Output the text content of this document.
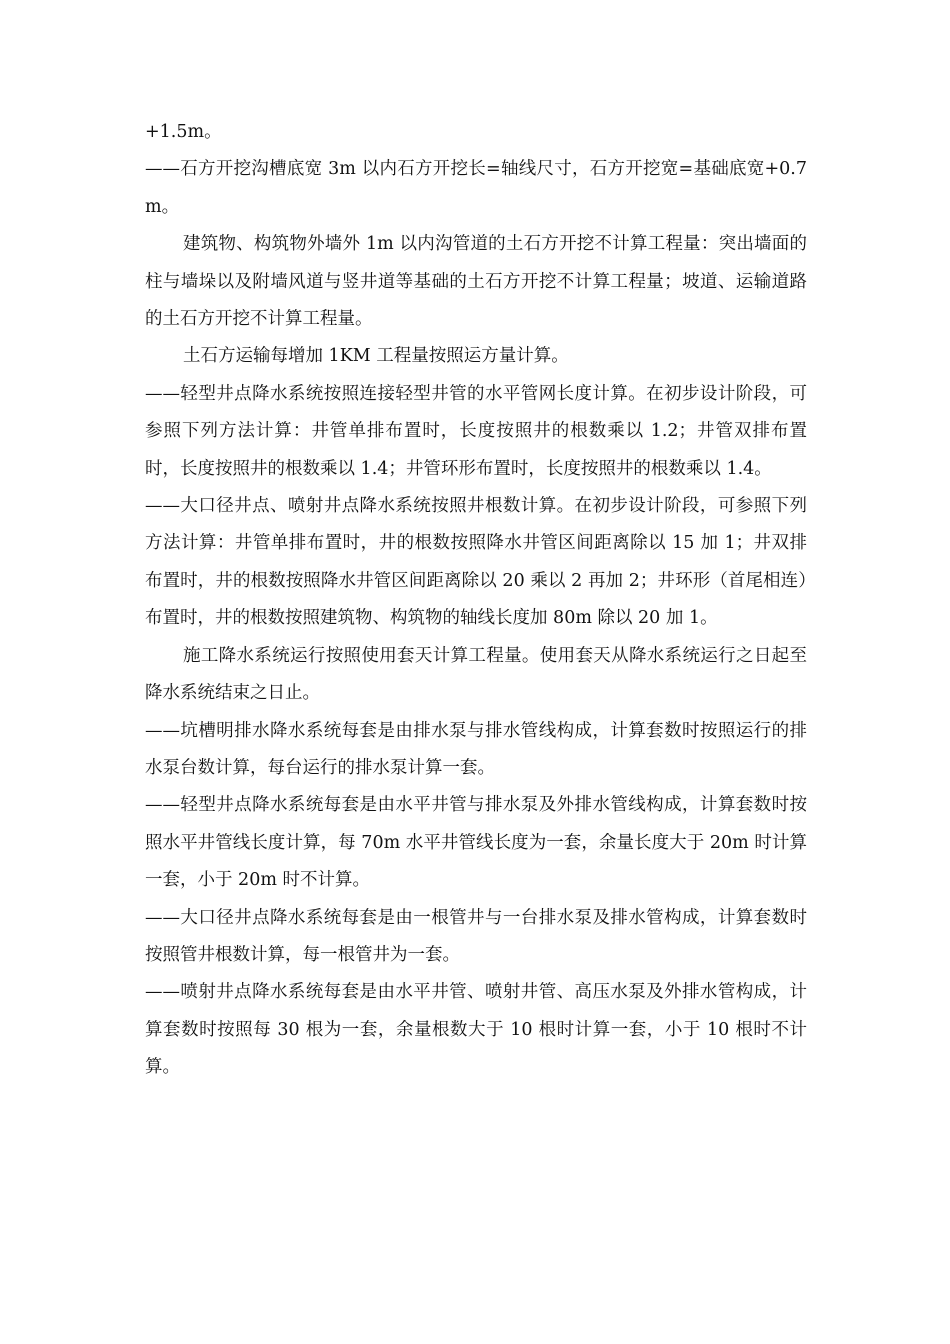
+1.5m。

——石方开挖沟槽底宽 3m 以内石方开挖长=轴线尺寸，石方开挖宽=基础底宽+0.7m。

建筑物、构筑物外墙外 1m 以内沟管道的土石方开挖不计算工程量：突出墙面的柱与墙垛以及附墙风道与竖井道等基础的土石方开挖不计算工程量；坡道、运输道路的土石方开挖不计算工程量。

土石方运输每增加 1KM 工程量按照运方量计算。

——轻型井点降水系统按照连接轻型井管的水平管网长度计算。在初步设计阶段，可参照下列方法计算：井管单排布置时，长度按照井的根数乘以 1.2；井管双排布置时，长度按照井的根数乘以 1.4；井管环形布置时，长度按照井的根数乘以 1.4。

——大口径井点、喷射井点降水系统按照井根数计算。在初步设计阶段，可参照下列方法计算：井管单排布置时，井的根数按照降水井管区间距离除以 15 加 1；井双排布置时，井的根数按照降水井管区间距离除以 20 乘以 2 再加 2；井环形（首尾相连）布置时，井的根数按照建筑物、构筑物的轴线长度加 80m 除以 20 加 1。

施工降水系统运行按照使用套天计算工程量。使用套天从降水系统运行之日起至降水系统结束之日止。

——坑槽明排水降水系统每套是由排水泵与排水管线构成，计算套数时按照运行的排水泵台数计算，每台运行的排水泵计算一套。

——轻型井点降水系统每套是由水平井管与排水泵及外排水管线构成，计算套数时按照水平井管线长度计算，每 70m 水平井管线长度为一套，余量长度大于 20m 时计算一套，小于 20m 时不计算。

——大口径井点降水系统每套是由一根管井与一台排水泵及排水管构成，计算套数时按照管井根数计算，每一根管井为一套。

——喷射井点降水系统每套是由水平井管、喷射井管、高压水泵及外排水管构成，计算套数时按照每 30 根为一套，余量根数大于 10 根时计算一套，小于 10 根时不计算。
